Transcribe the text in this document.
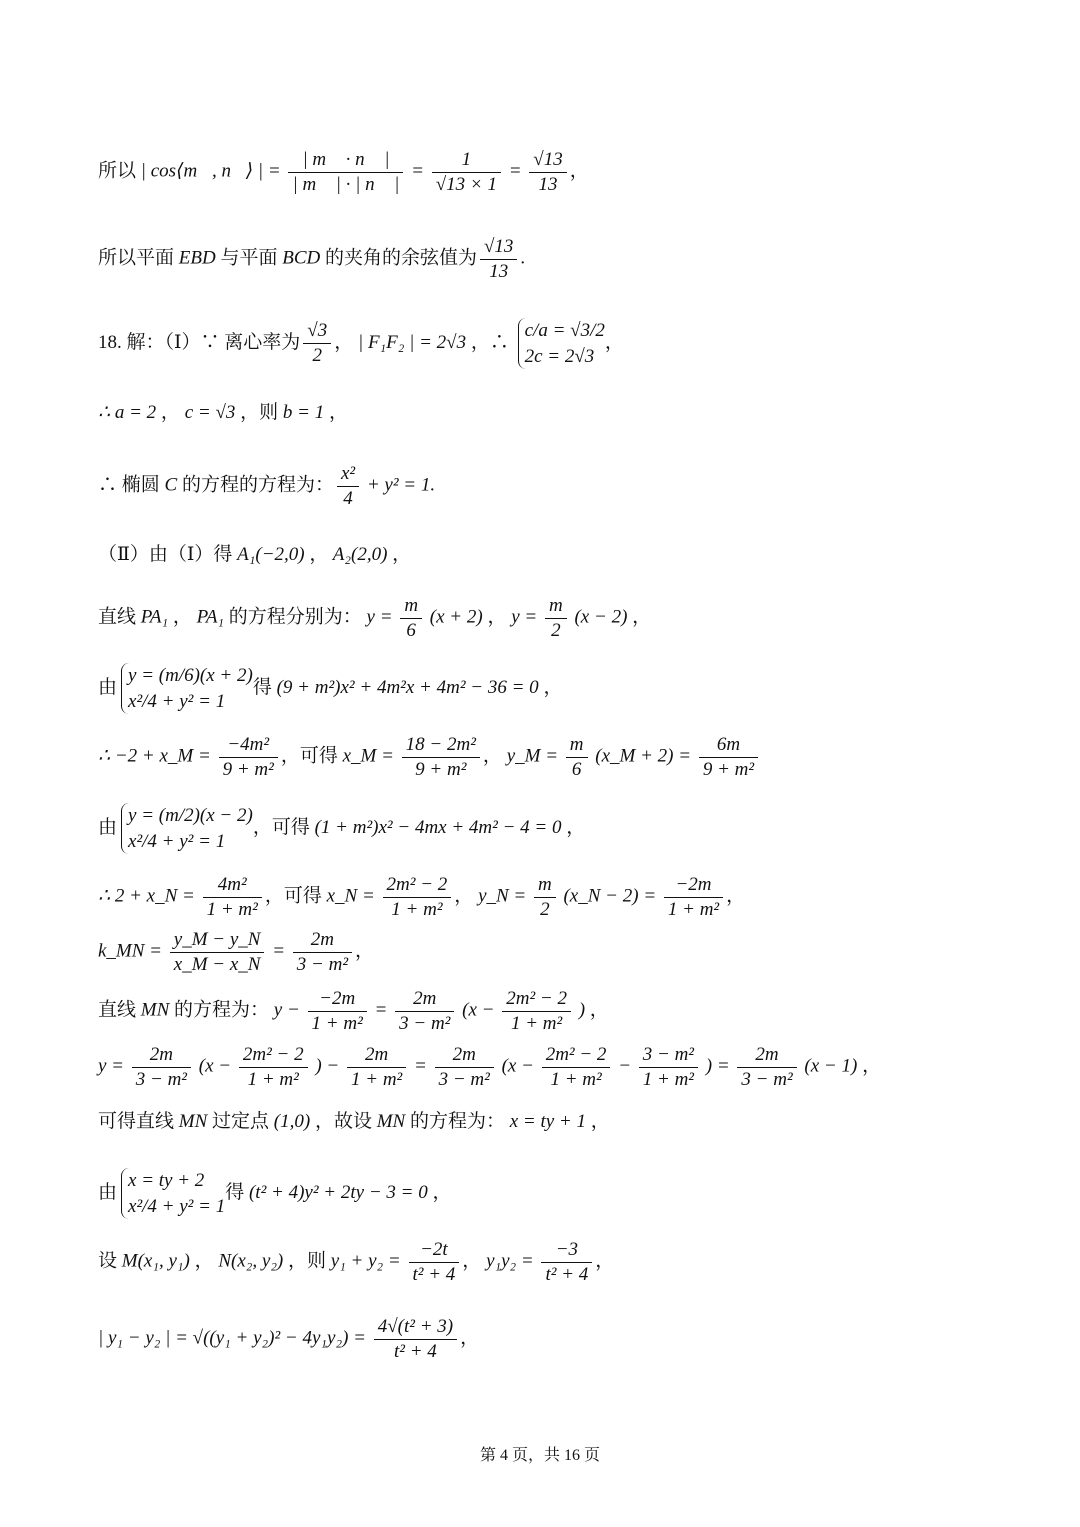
所以 | cos⟨m⃗, n⃗⟩ | = $\frac{| m⃗ \cdot n⃗ |}{| m⃗ | \cdot | n⃗ |} = \frac{1}{√13 \times 1} = \frac{√13}{13}$ ，
所以平面 EBD 与平面 BCD 的夹角的余弦值为 $\frac{√13}{13}$ .
18. 解：（Ⅰ）∵ 离心率为 $\frac{√3}{2}$ ， | F₁F₂ | = 2√3 ，∴
c/a = √3/2
2c = 2√3
，
∴ a = 2 ， c = √3 ，则 b = 1 ，
∴ 椭圆 C 的方程的方程为： $\frac{\text{x²}}{4} + y^2 = 1$.
（Ⅱ）由（Ⅰ）得 A₁(−2,0) ， A₂(2,0) ，
直线 PA₁ ， PA₁ 的方程分别为： $y = \frac{m}{6} (x + 2)$ ， $y = \frac{m}{2} (x - 2)$ ，
由
y = (m/6)(x + 2)
x²/4 + y² = 1
得 (9 + m²)x² + 4m²x + 4m² − 36 = 0 ，
∴ −2 + x_M = $\frac{\text{−4m²}}{\text{9 + m²}}$ ，可得 x_M = $\frac{\text{18 − 2m²}}{\text{9 + m²}}$ ， y_M = $\frac{m}{6}$ (x_M + $2) = \frac{6m}{\text{9 + m²}}$
由
y = (m/2)(x − 2)
x²/4 + y² = 1
，可得 (1 + m²)x² − 4mx + 4m² − 4 = 0 ，
∴ 2 + x_N = $\frac{\text{4m²}}{\text{1 + m²}}$ ，可得 x_N = $\frac{\text{2m² − 2}}{\text{1 + m²}}$ ， y_N = $\frac{m}{2}$ (x_N − $2) = \frac{-2m}{\text{1 + m²}}$ ，
k_MN = $\frac{y\_M - y\_N}{x\_M - x\_N} = \frac{2m}{\text{3 − m²}}$ ，
直线 MN 的方程为： $y - \frac{-2m}{\text{1 + m²}} = \frac{2m}{\text{3 − m²}} (x - \frac{\text{2m² − 2}}{\text{1 + m²}}$ ) ，
$y = \frac{2m}{\text{3 − m²}} (x - \frac{\text{2m² − 2}}{\text{1 + m²}}$ ) − $\frac{2m}{\text{1 + m²}} = \frac{2m}{\text{3 − m²}} (x - \frac{\text{2m² − 2}}{\text{1 + m²}} - \frac{\text{3 − m²}}{\text{1 + m²}}$ ) = $\frac{2m}{\text{3 − m²}} (x - 1)$ ，
可得直线 MN 过定点 (1,0) ，故设 MN 的方程为： x = ty + 1 ，
由
x = ty + 2
x²/4 + y² = 1
得 (t² + 4)y² + 2ty − 3 = 0 ，
设 M(x₁, y₁) ， N(x₂, y₂) ，则 $y_1 + y_2 = \frac{-2t}{\text{t² + 4}}$ ， $y_1y_2 = \frac{-3}{\text{t² + 4}}$ ，
| y₁ − y₂ | = $√((y_1 + y_2)^2 - 4y_1y_2) = \frac{\text{4√(t² + 3)}}{\text{t² + 4}}$ ，
第 4 页，共 16 页
